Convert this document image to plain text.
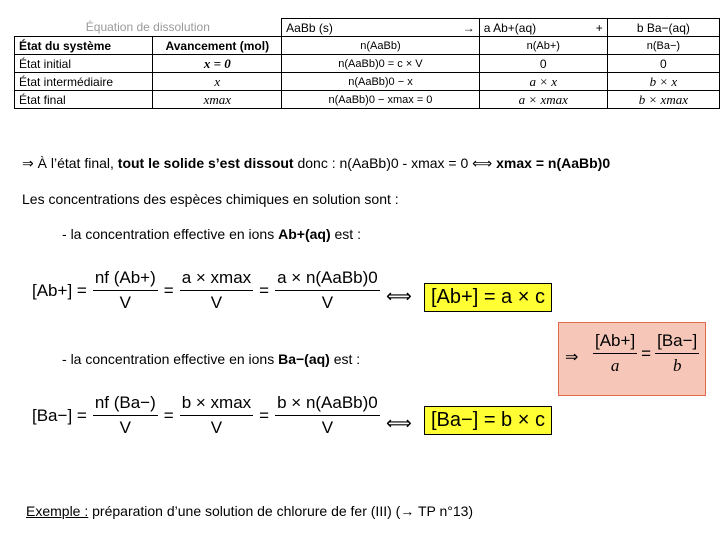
Équation de dissolution		AaBb (s) →	a Ab+(aq) +	b Ba−(aq)
État du système	Avancement (mol)	n(AaBb)	n(Ab+)	n(Ba−)
État initial	x = 0	n(AaBb)0 = c × V	0	0
État intermédiaire	x	n(AaBb)0 − x	a × x	b × x
État final	xmax	n(AaBb)0 − xmax = 0	a × xmax	b × xmax
⇒ À l’état final, tout le solide s’est dissout donc : n(AaBb)0 - xmax = 0 ⟺ xmax = n(AaBb)0
Les concentrations des espèces chimiques en solution sont :
- la concentration effective en ions Ab+(aq) est :
$[Ab+] = \frac{nf (Ab+)}{V} = \frac{a \times xmax}{V} = \frac{\text{a × n(AaBb)0}}{V}$ ⟺ [Ab+] = a × c
- la concentration effective en ions Ba−(aq) est :	⇒ $\frac{[Ab+]}{a} = \frac{[Ba-]}{b}$
$[Ba-] = \frac{nf (Ba-)}{V} = \frac{b \times xmax}{V} = \frac{\text{b × n(AaBb)0}}{V}$ ⟺ [Ba−] = b × c
Exemple : préparation d’une solution de chlorure de fer (III) (→ TP n°13)
